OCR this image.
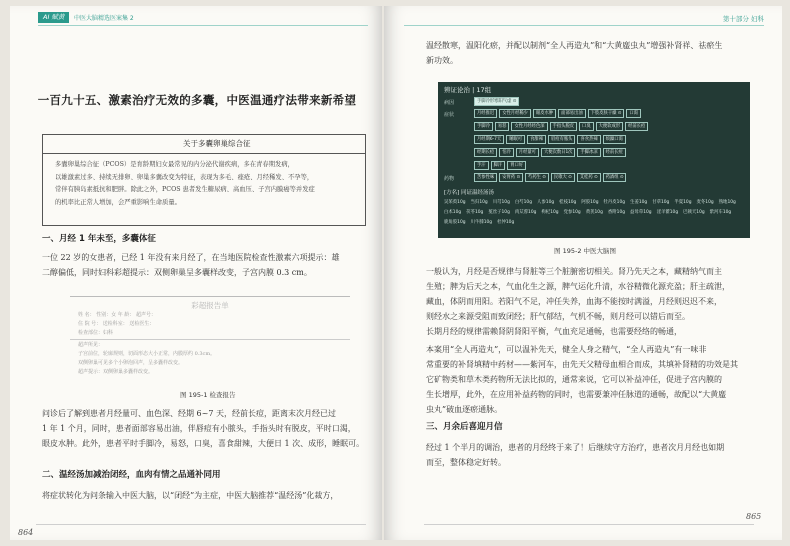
AI 赋黄	中医大脑精选医案集 2
一百九十五、激素治疗无效的多囊，中医温通疗法带来新希望
关于多囊卵巢综合征
多囊卵巢综合征（PCOS）是育龄期妇女最常见的内分泌代谢疾病，多在青春期发病，
以雄激素过多、持续无排卵、卵巢多囊改变为特征，表现为多毛、痤疮、月经稀发、不孕等，
常伴有胰岛素抵抗和肥胖。除此之外，PCOS 患者发生糖尿病、高血压、子宫内膜癌等并发症
的机率比正常人增加，会严重影响生命质量。
一、月经 1 年未至，多囊体征
一位 22 岁的女患者，已经 1 年没有来月经了，在当地医院检查性激素六项提示：雄
二醇偏低，同时妇科彩超提示：双侧卵巢呈多囊样改变，子宫内膜 0.3 cm。
彩超报告单
姓 名： 性别：女 年 龄： 超声号：
住 院 号： 送检科室： 送检医生：
检查部位：妇科
超声所见：
子宫前位，轮廓规则，切面形态大小正常，内膜厚约 0.3cm。
双侧卵巢可见多个小卵泡回声，呈多囊样改变。
超声提示：双侧卵巢多囊样改变。
图 195-1 检查报告
问诊后了解到患者月经量可、血色深、经期 6~7 天，经前长痘，距离末次月经已过
1 年 1 个月，同时，患者面部容易出油，伴唇痘有小脓头，手指头时有脱皮，平时口渴，
眼皮水肿。此外，患者平时手脚冷，易怒，口臭，喜食甜辣，大便日 1 次、成形，睡眠可。
二、温经汤加减治闭经，血肉有情之品通补同用
将症状转化为问条输入中医大脑，以“闭经”为主症，中医大脑推荐“温经汤”化裁方，
864
第十部分 妇科
温经散寒，温阳化瘀，并配以制剂“全人再造丸”和“大黄䗪虫丸”增强补肾祥、祛瘀生
新功效。
辨证论治 | 17组
病因	手脚冷形寒阳气虚 ⊙
症状	月经推迟	女性月经稀少	眼皮水肿	面部易出油	下肢皮肤干燥 ⊙	口渴
手脚冷	易怒	女性月经经色深	手指头脱皮	口臭	大便软成形	经前长痘
月经期6-7天	睡眠可	食甜辣	唇痘有脓头	喜食热辣	烦躁口渴
经期长痘	怕冷	月经量可	大便次数日1次	手脚冰凉	经前长痘
手汗	脚汗	胃口好
药物	苦参性味	安胃药 ⊙	芍药生 ⊙	民歌大 ⊙	艾桂药 ⊙	药酒组 ⊙
[方名] 同证温经汤汤
吴茱萸10g 当归10g 川芎10g 白芍10g 人参10g 桂枝10g 阿胶10g 牡丹皮10g 生姜10g 甘草10g 半夏10g 麦冬10g 熟地10g
白术10g 茯苓10g 菟丝子10g 肉苁蓉10g 枸杞10g 党参10g 黄芪10g 香附10g 益母草10g 淫羊藿10g 巴戟天10g 紫河车10g
鹿角胶10g 川牛膝10g 杜仲10g
图 195-2 中医大脑图
一般认为，月经是否规律与肾脏等三个脏腑密切相关。肾乃先天之本，藏精纳气而主
生殖；脾为后天之本，气血化生之源，脾气运化升清，水谷精微化源充盈；肝主疏泄，
藏血，体阴而用阳。若阳气不足，冲任失养，血海不能按时满溢，月经则迟迟不来，
则经水之来源受阻而致闭经；肝气郁结，气机不畅，则月经可以错后而至。
长期月经的规律需赖肾阴肾阳平衡，气血充足通畅，也需要经络的畅通，
本案用“全人再造丸”，可以温补先天，健全人身之精气，“全人再造丸”有一味非
常重要的补肾填精中药材——紫河车，由先天父精母血相合而成，其填补肾精的功效是其
它矿物类和草木类药物所无法比拟的，通常来说，它可以补益冲任，促进子宫内膜的
生长增厚，此外，在应用补益药物的同时，也需要兼冲任脉道的通畅，故配以“大黄䗪
虫丸”破血逐瘀通脉。
三、月余后喜迎月信
经过 1 个半月的调治，患者的月经终于来了！后继续守方治疗，患者次月月经也如期
而至，整体稳定好转。
865
